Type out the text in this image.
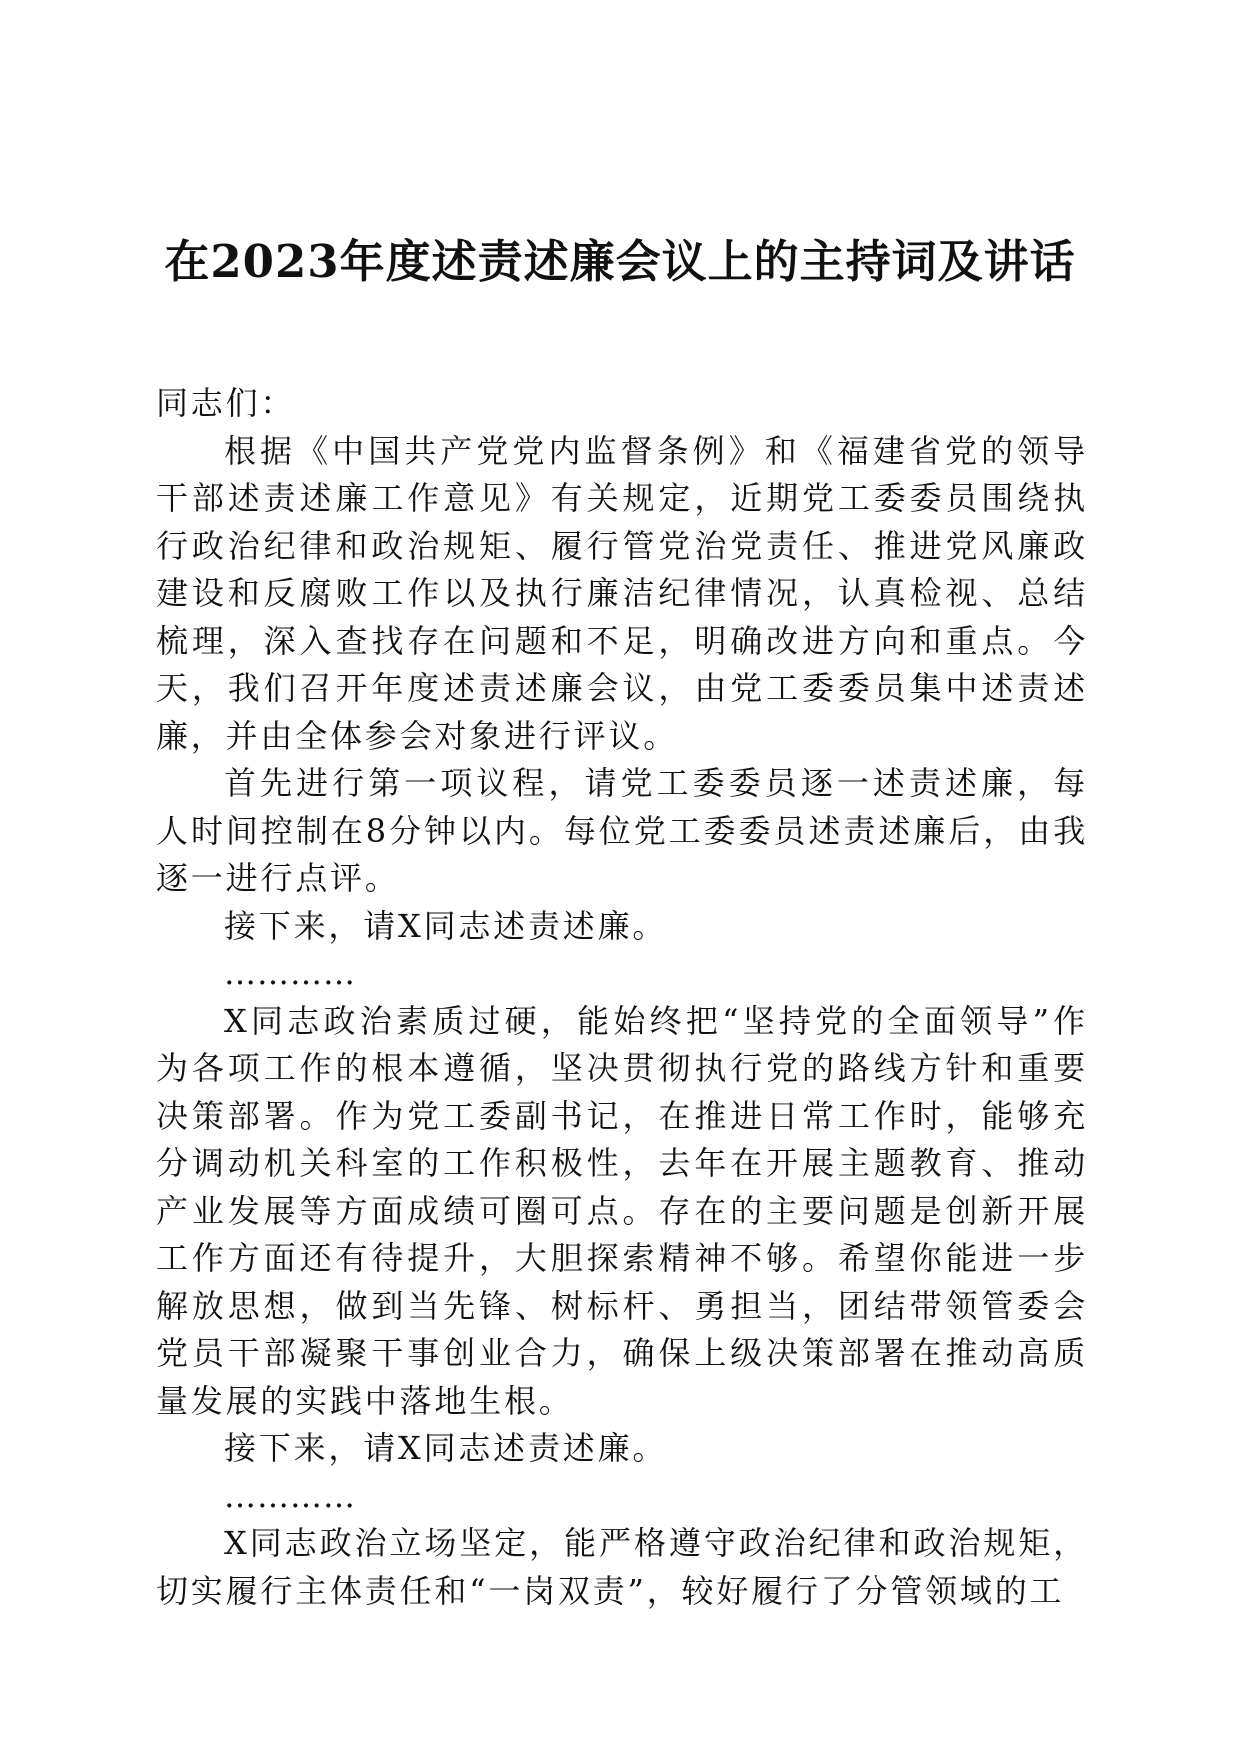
在2023年度述责述廉会议上的主持词及讲话

同志们：

根据《中国共产党党内监督条例》和《福建省党的领导干部述责述廉工作意见》有关规定，近期党工委委员围绕执行政治纪律和政治规矩、履行管党治党责任、推进党风廉政建设和反腐败工作以及执行廉洁纪律情况，认真检视、总结梳理，深入查找存在问题和不足，明确改进方向和重点。今天，我们召开年度述责述廉会议，由党工委委员集中述责述廉，并由全体参会对象进行评议。

首先进行第一项议程，请党工委委员逐一述责述廉，每人时间控制在8分钟以内。每位党工委委员述责述廉后，由我逐一进行点评。

接下来，请X同志述责述廉。

…………

X同志政治素质过硬，能始终把“坚持党的全面领导”作为各项工作的根本遵循，坚决贯彻执行党的路线方针和重要决策部署。作为党工委副书记，在推进日常工作时，能够充分调动机关科室的工作积极性，去年在开展主题教育、推动产业发展等方面成绩可圈可点。存在的主要问题是创新开展工作方面还有待提升，大胆探索精神不够。希望你能进一步解放思想，做到当先锋、树标杆、勇担当，团结带领管委会党员干部凝聚干事创业合力，确保上级决策部署在推动高质量发展的实践中落地生根。

接下来，请X同志述责述廉。

…………

X同志政治立场坚定，能严格遵守政治纪律和政治规矩，切实履行主体责任和“一岗双责”，较好履行了分管领域的工
